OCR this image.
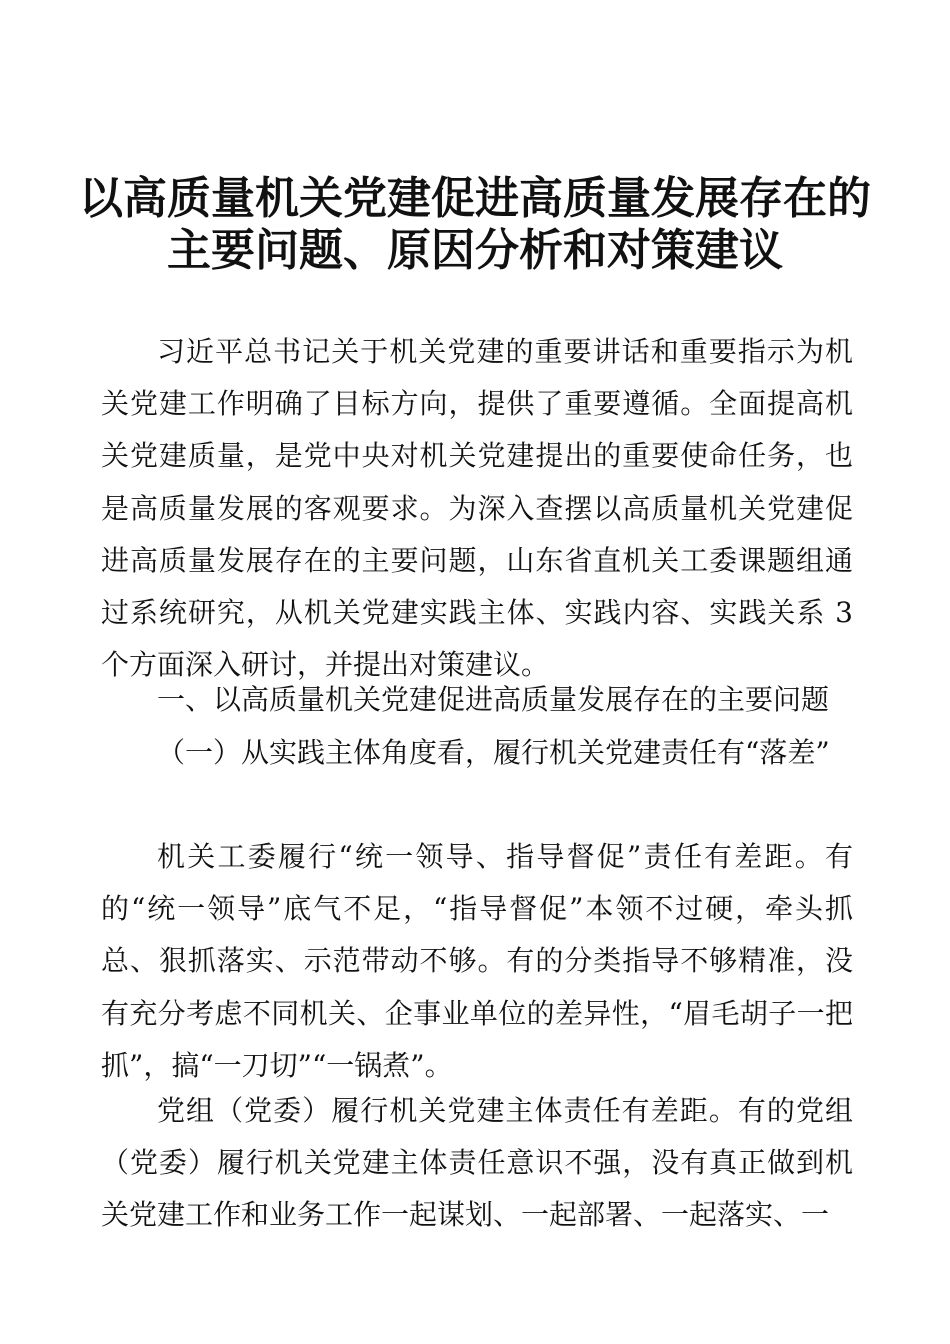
以高质量机关党建促进高质量发展存在的
主要问题、原因分析和对策建议

习近平总书记关于机关党建的重要讲话和重要指示为机关党建工作明确了目标方向，提供了重要遵循。全面提高机关党建质量，是党中央对机关党建提出的重要使命任务，也是高质量发展的客观要求。为深入查摆以高质量机关党建促进高质量发展存在的主要问题，山东省直机关工委课题组通过系统研究，从机关党建实践主体、实践内容、实践关系 3 个方面深入研讨，并提出对策建议。

一、以高质量机关党建促进高质量发展存在的主要问题

（一）从实践主体角度看，履行机关党建责任有“落差”

机关工委履行“统一领导、指导督促”责任有差距。有的“统一领导”底气不足，“指导督促”本领不过硬，牵头抓总、狠抓落实、示范带动不够。有的分类指导不够精准，没有充分考虑不同机关、企事业单位的差异性，“眉毛胡子一把抓”，搞“一刀切”“一锅煮”。

党组（党委）履行机关党建主体责任有差距。有的党组（党委）履行机关党建主体责任意识不强，没有真正做到机关党建工作和业务工作一起谋划、一起部署、一起落实、一
